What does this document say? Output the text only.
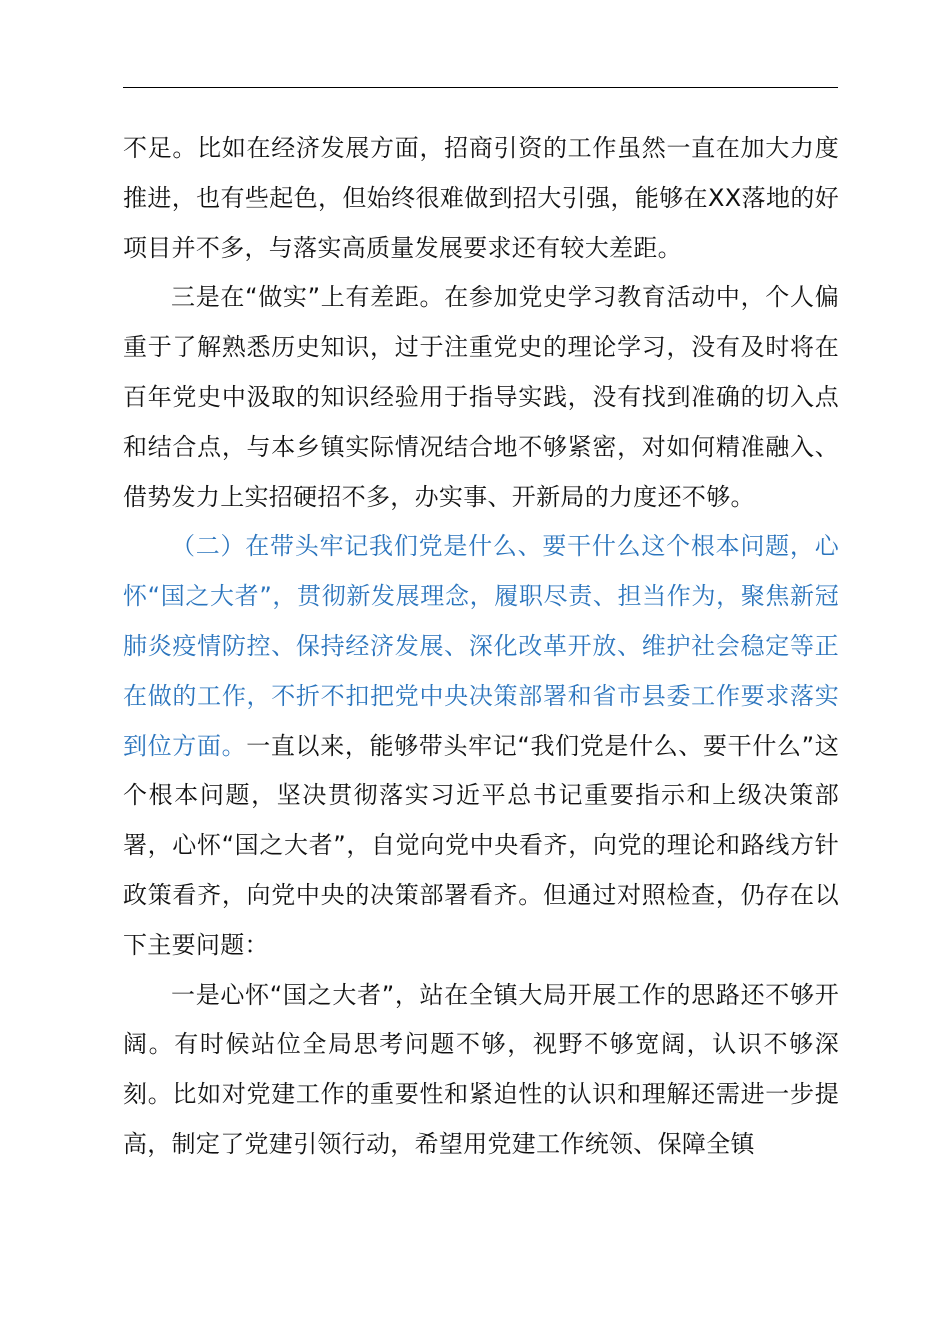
不足。比如在经济发展方面，招商引资的工作虽然一直在加大力度推进，也有些起色，但始终很难做到招大引强，能够在XX落地的好项目并不多，与落实高质量发展要求还有较大差距。

三是在“做实”上有差距。在参加党史学习教育活动中，个人偏重于了解熟悉历史知识，过于注重党史的理论学习，没有及时将在百年党史中汲取的知识经验用于指导实践，没有找到准确的切入点和结合点，与本乡镇实际情况结合地不够紧密，对如何精准融入、借势发力上实招硬招不多，办实事、开新局的力度还不够。

（二）在带头牢记我们党是什么、要干什么这个根本问题，心怀“国之大者”，贯彻新发展理念，履职尽责、担当作为，聚焦新冠肺炎疫情防控、保持经济发展、深化改革开放、维护社会稳定等正在做的工作，不折不扣把党中央决策部署和省市县委工作要求落实到位方面。一直以来，能够带头牢记“我们党是什么、要干什么”这个根本问题，坚决贯彻落实习近平总书记重要指示和上级决策部署，心怀“国之大者”，自觉向党中央看齐，向党的理论和路线方针政策看齐，向党中央的决策部署看齐。但通过对照检查，仍存在以下主要问题：

一是心怀“国之大者”，站在全镇大局开展工作的思路还不够开阔。有时候站位全局思考问题不够，视野不够宽阔，认识不够深刻。比如对党建工作的重要性和紧迫性的认识和理解还需进一步提高，制定了党建引领行动，希望用党建工作统领、保障全镇
